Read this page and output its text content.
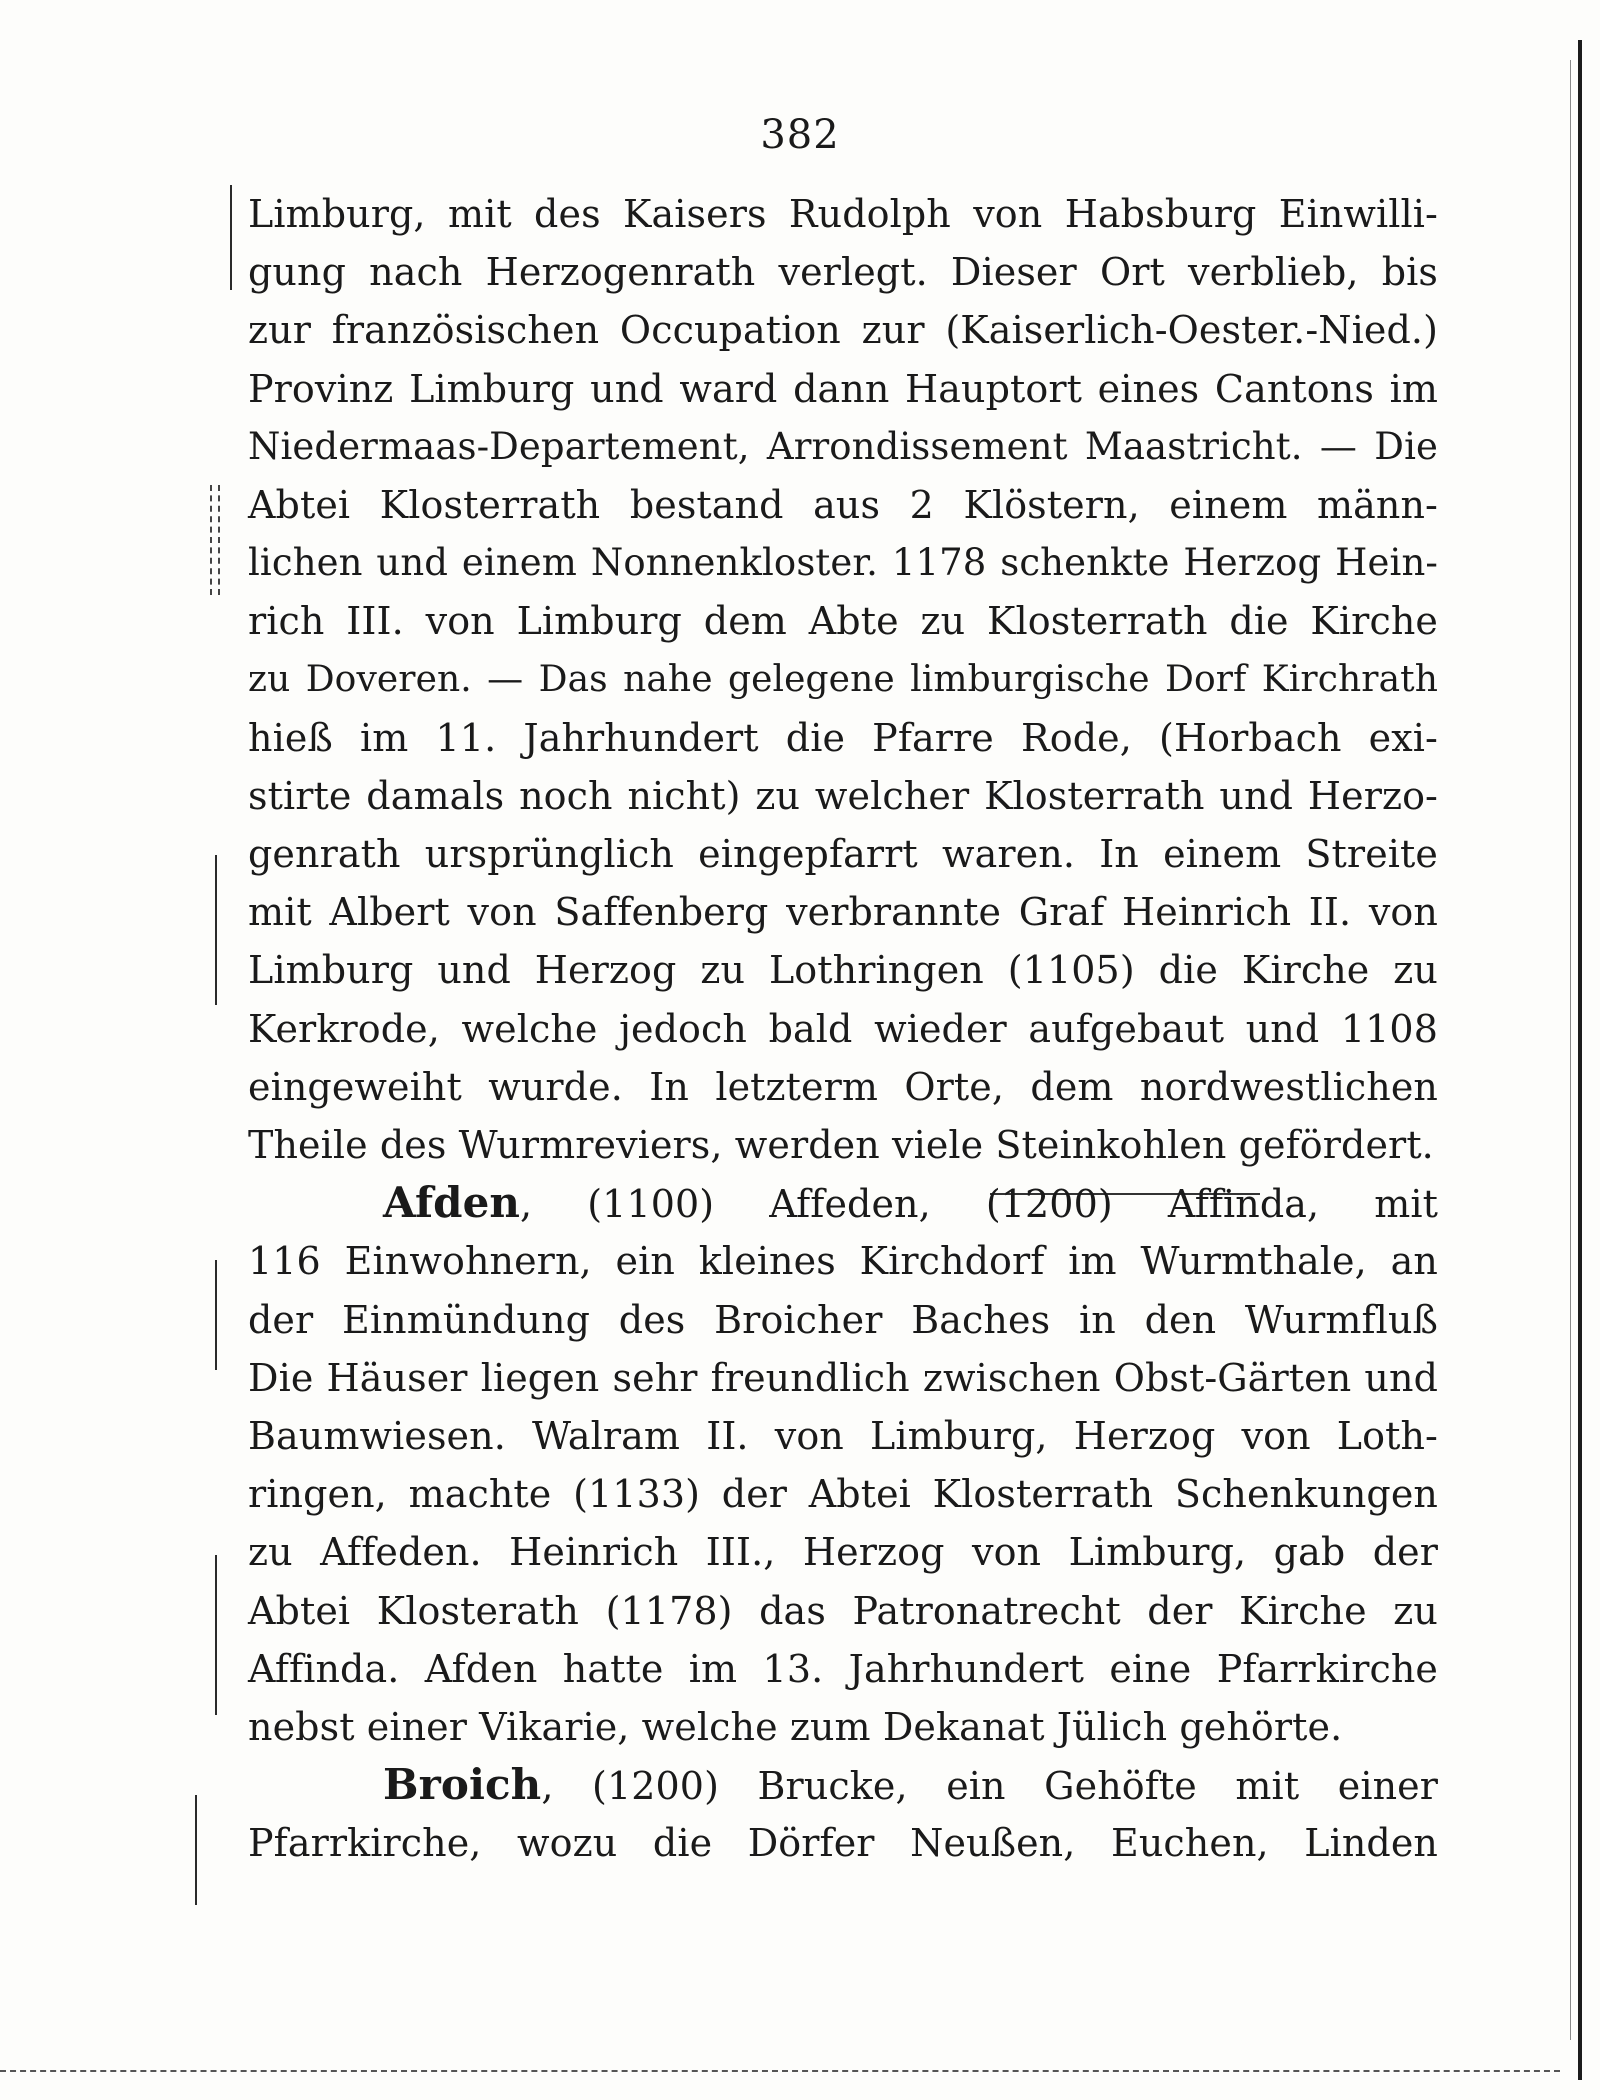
382
Limburg, mit des Kaisers Rudolph von Habsburg Einwilli-
gung nach Herzogenrath verlegt. Dieser Ort verblieb, bis
zur französischen Occupation zur (Kaiserlich-Oester.-Nied.)
Provinz Limburg und ward dann Hauptort eines Cantons im
Niedermaas-Departement, Arrondissement Maastricht. — Die
Abtei Klosterrath bestand aus 2 Klöstern, einem männ-
lichen und einem Nonnenkloster. 1178 schenkte Herzog Hein-
rich III. von Limburg dem Abte zu Klosterrath die Kirche
zu Doveren. — Das nahe gelegene limburgische Dorf Kirchrath
hieß im 11. Jahrhundert die Pfarre Rode, (Horbach exi-
stirte damals noch nicht) zu welcher Klosterrath und Herzo-
genrath ursprünglich eingepfarrt waren. In einem Streite
mit Albert von Saffenberg verbrannte Graf Heinrich II. von
Limburg und Herzog zu Lothringen (1105) die Kirche zu
Kerkrode, welche jedoch bald wieder aufgebaut und 1108
eingeweiht wurde. In letzterm Orte, dem nordwestlichen
Theile des Wurmreviers, werden viele Steinkohlen gefördert.
Afden, (1100) Affeden, (1200) Affinda, mit
116 Einwohnern, ein kleines Kirchdorf im Wurmthale, an
der Einmündung des Broicher Baches in den Wurmfluß
Die Häuser liegen sehr freundlich zwischen Obst-Gärten und
Baumwiesen. Walram II. von Limburg, Herzog von Loth-
ringen, machte (1133) der Abtei Klosterrath Schenkungen
zu Affeden. Heinrich III., Herzog von Limburg, gab der
Abtei Klosterath (1178) das Patronatrecht der Kirche zu
Affinda. Afden hatte im 13. Jahrhundert eine Pfarrkirche
nebst einer Vikarie, welche zum Dekanat Jülich gehörte.
Broich, (1200) Brucke, ein Gehöfte mit einer
Pfarrkirche, wozu die Dörfer Neußen, Euchen, Linden
